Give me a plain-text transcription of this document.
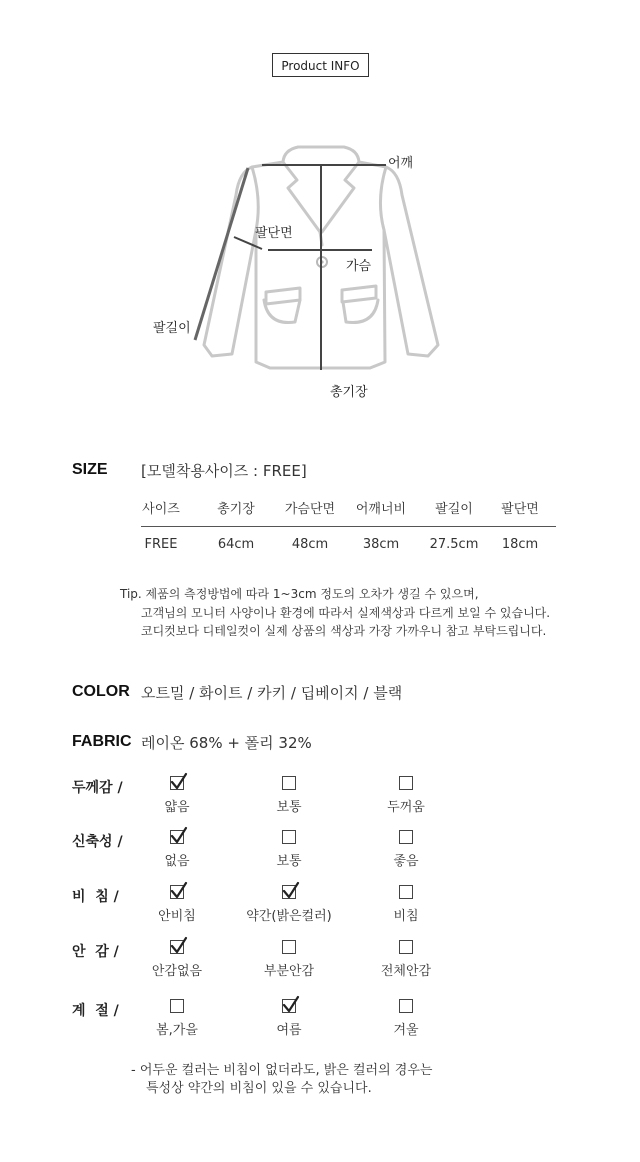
Product INFO
어깨
팔단면
가슴
팔길이
총기장
SIZE [모델착용사이즈 : FREE]
사이즈	총기장	가슴단면	어깨너비	팔길이	팔단면
FREE	64cm	48cm	38cm	27.5cm	18cm
Tip. 제품의 측정방법에 따라 1~3cm 정도의 오차가 생길 수 있으며,
고객님의 모니터 사양이나 환경에 따라서 실제색상과 다르게 보일 수 있습니다.
코디컷보다 디테일컷이 실제 상품의 색상과 가장 가까우니 참고 부탁드립니다.
COLOR 오트밀 / 화이트 / 카키 / 딥베이지 / 블랙
FABRIC 레이온 68% + 폴리 32%
두께감 /
얇음	보통	두꺼움
신축성 /
없음	보통	좋음
비  침 /
안비침	약간(밝은컬러)	비침
안  감 /
안감없음	부분안감	전체안감
계  절 /
봄,가을	여름	겨울
- 어두운 컬러는 비침이 없더라도, 밝은 컬러의 경우는
특성상 약간의 비침이 있을 수 있습니다.
